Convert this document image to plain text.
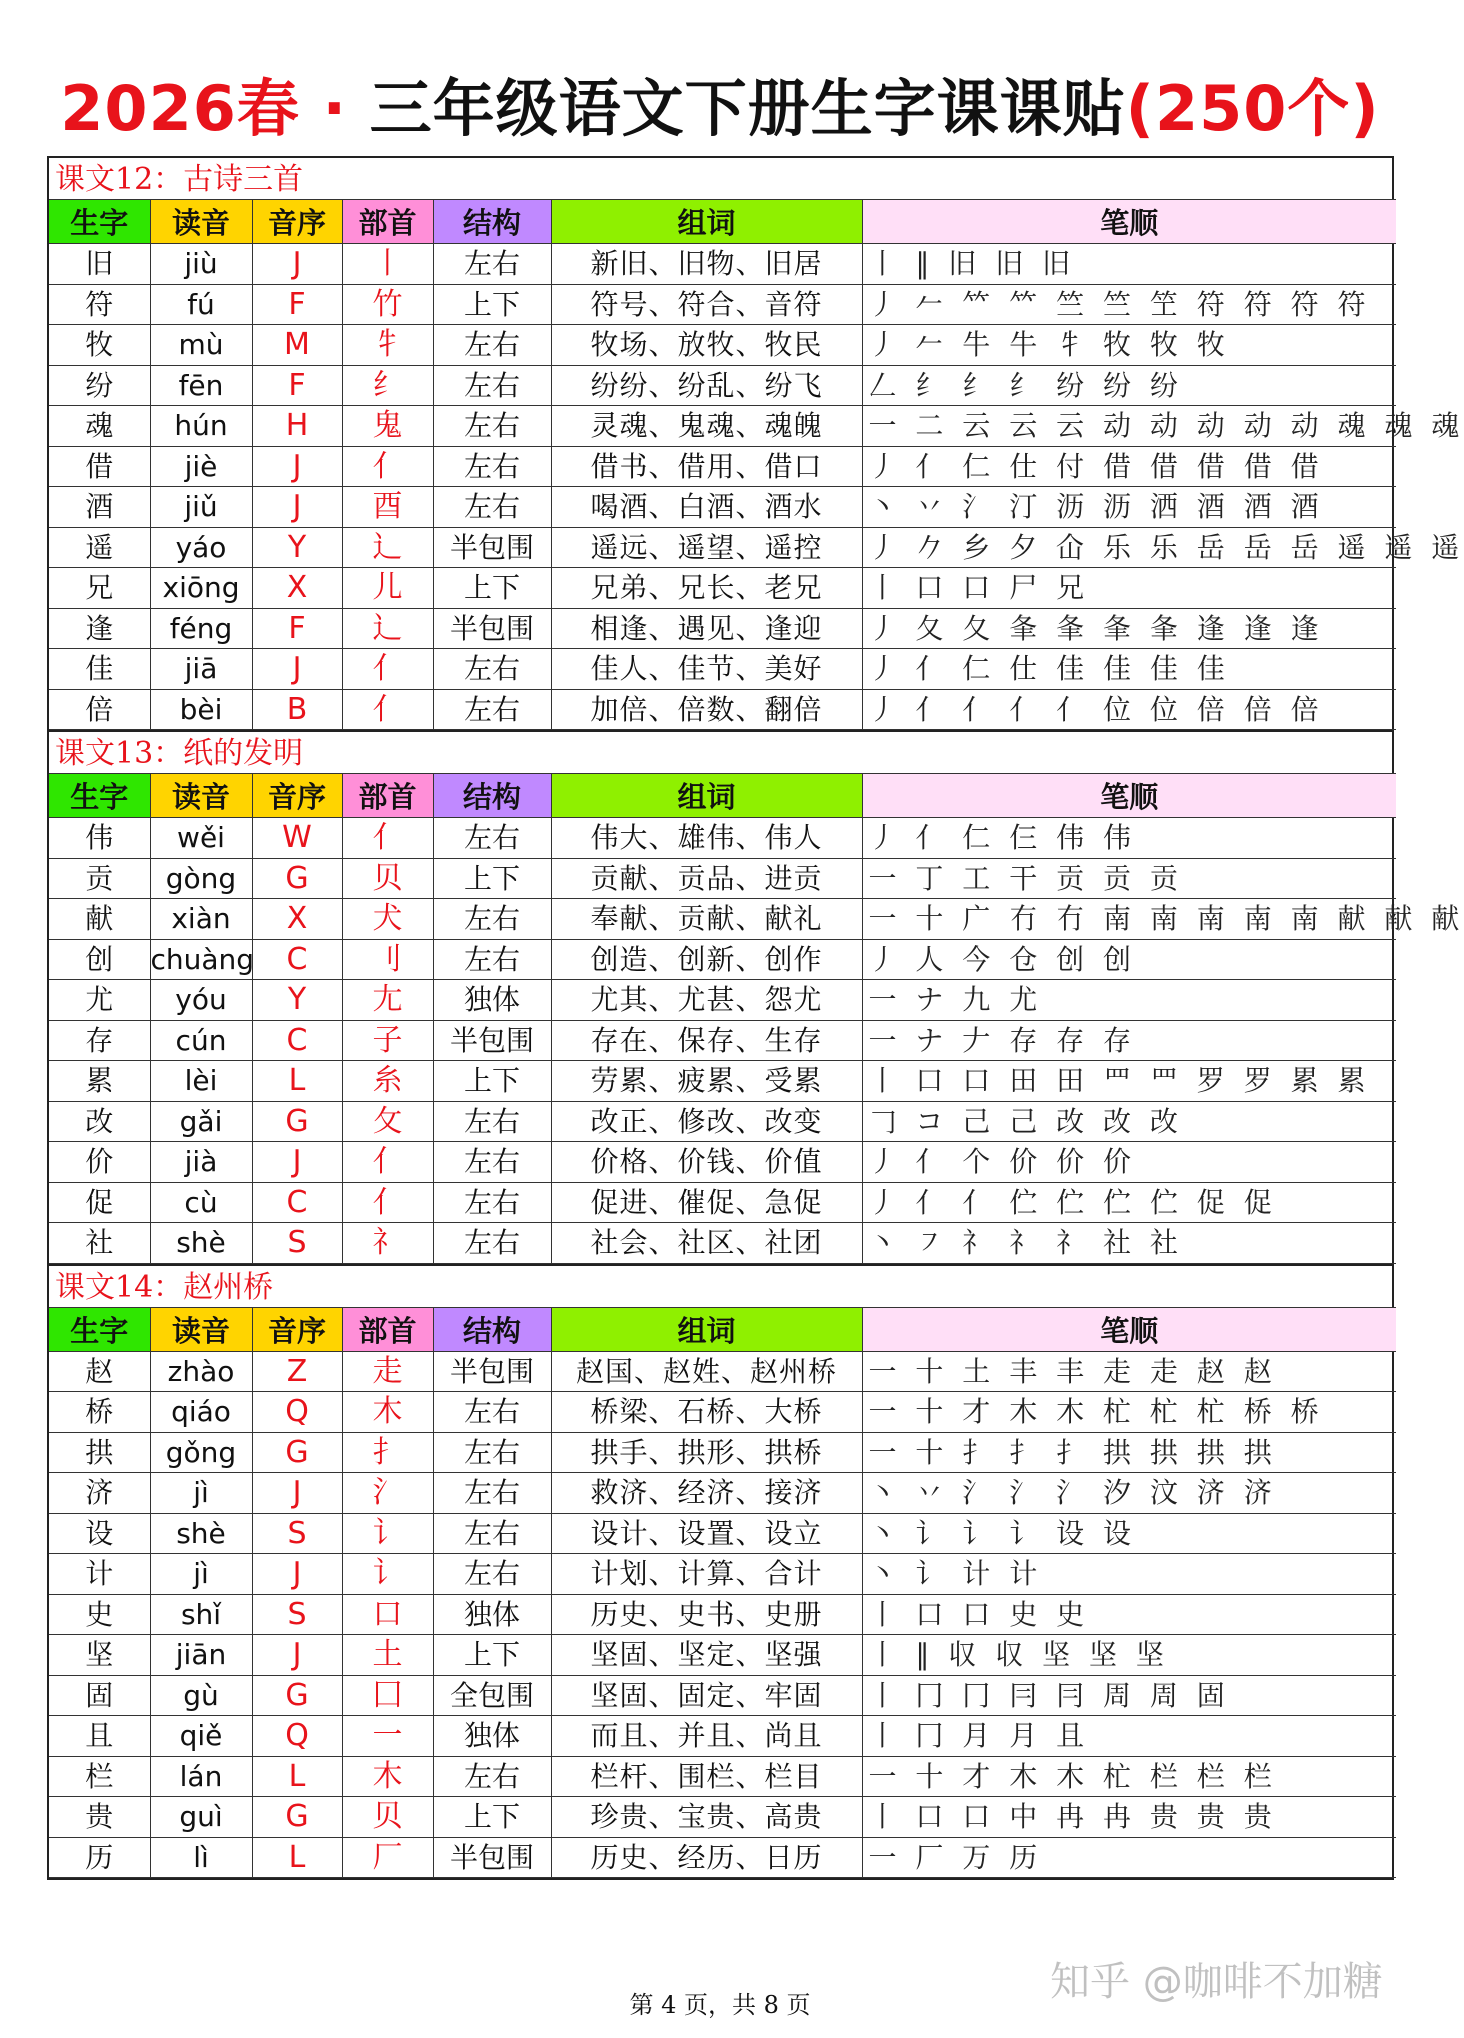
2026春 · 三年级语文下册生字课课贴(250个)
课文12：古诗三首
生字	读音	音序	部首	结构	组词	笔顺
旧	jiù	J	丨	左右	新旧、旧物、旧居	丨 ‖ 旧 旧 旧
符	fú	F	竹	上下	符号、符合、音符	丿 𠂉 𥫗 𥫗 竺 竺 笁 符 符 符 符
牧	mù	M	牜	左右	牧场、放牧、牧民	丿 𠂉 牛 牛 牜 牧 牧 牧
纷	fēn	F	纟	左右	纷纷、纷乱、纷飞	𠃋 纟 纟 纟 纷 纷 纷
魂	hún	H	鬼	左右	灵魂、鬼魂、魂魄	一 二 云 云 云 动 动 动 动 动 魂 魂 魂
借	jiè	J	亻	左右	借书、借用、借口	丿 亻 仁 仕 付 借 借 借 借 借
酒	jiǔ	J	酉	左右	喝酒、白酒、酒水	丶 丷 氵 汀 沥 沥 洒 酒 酒 酒
遥	yáo	Y	辶	半包围	遥远、遥望、遥控	丿 𠂊 乡 夕 仚 乐 乐 岳 岳 岳 遥 遥 遥
兄	xiōng	X	儿	上下	兄弟、兄长、老兄	丨 口 口 尸 兄
逢	féng	F	辶	半包围	相逢、遇见、逢迎	丿 夂 夂 夆 夆 夆 夆 逢 逢 逢
佳	jiā	J	亻	左右	佳人、佳节、美好	丿 亻 仁 仕 佳 佳 佳 佳
倍	bèi	B	亻	左右	加倍、倍数、翻倍	丿 亻 亻 亻 亻 位 位 倍 倍 倍
课文13：纸的发明
生字	读音	音序	部首	结构	组词	笔顺
伟	wěi	W	亻	左右	伟大、雄伟、伟人	丿 亻 仁 仨 伟 伟
贡	gòng	G	贝	上下	贡献、贡品、进贡	一 丁 工 干 贡 贡 贡
献	xiàn	X	犬	左右	奉献、贡献、献礼	一 十 广 冇 冇 南 南 南 南 南 献 献 献
创	chuàng	C	刂	左右	创造、创新、创作	丿 人 今 仓 创 创
尤	yóu	Y	尢	独体	尤其、尤甚、怨尤	一 ナ 九 尤
存	cún	C	子	半包围	存在、保存、生存	一 ナ 𠂇 存 存 存
累	lèi	L	糸	上下	劳累、疲累、受累	丨 口 口 田 田 罒 罒 罗 罗 累 累
改	gǎi	G	攵	左右	改正、修改、改变	𠃌 コ 己 己 改 改 改
价	jià	J	亻	左右	价格、价钱、价值	丿 亻 个 价 价 价
促	cù	C	亻	左右	促进、催促、急促	丿 亻 亻 伫 伫 伫 伫 促 促
社	shè	S	礻	左右	社会、社区、社团	丶 ㇇ 礻 礻 礻 社 社
课文14：赵州桥
生字	读音	音序	部首	结构	组词	笔顺
赵	zhào	Z	走	半包围	赵国、赵姓、赵州桥	一 十 土 丰 丰 走 走 赵 赵
桥	qiáo	Q	木	左右	桥梁、石桥、大桥	一 十 才 木 木 杧 杧 杧 桥 桥
拱	gǒng	G	扌	左右	拱手、拱形、拱桥	一 十 扌 扌 扌 拱 拱 拱 拱
济	jì	J	氵	左右	救济、经济、接济	丶 丷 氵 氵 氵 汐 汶 济 济
设	shè	S	讠	左右	设计、设置、设立	丶 讠 讠 讠 设 设
计	jì	J	讠	左右	计划、计算、合计	丶 讠 计 计
史	shǐ	S	口	独体	历史、史书、史册	丨 口 口 史 史
坚	jiān	J	土	上下	坚固、坚定、坚强	丨 ‖ 収 収 坚 坚 坚
固	gù	G	囗	全包围	坚固、固定、牢固	丨 冂 冂 冃 冃 周 周 固
且	qiě	Q	一	独体	而且、并且、尚且	丨 冂 月 月 且
栏	lán	L	木	左右	栏杆、围栏、栏目	一 十 才 木 木 杧 栏 栏 栏
贵	guì	G	贝	上下	珍贵、宝贵、高贵	丨 口 口 中 冉 冉 贵 贵 贵
历	lì	L	厂	半包围	历史、经历、日历	一 厂 万 历
第 4 页，共 8 页	知乎 @咖啡不加糖
